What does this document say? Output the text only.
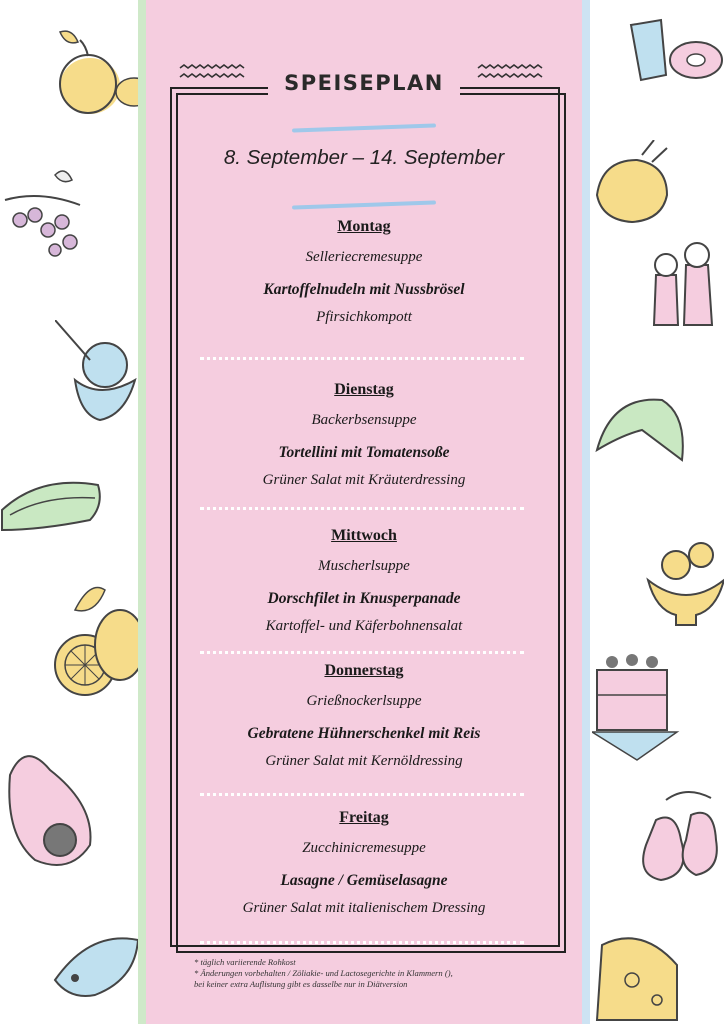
SPEISEPLAN
8. September – 14. September
Montag
Selleriecremesuppe
Kartoffelnudeln mit Nussbrösel
Pfirsichkompott
Dienstag
Backerbsensuppe
Tortellini mit Tomatensoße
Grüner Salat mit Kräuterdressing
Mittwoch
Muscherlsuppe
Dorschfilet in Knusperpanade
Kartoffel- und Käferbohnensalat
Donnerstag
Grießnockerlsuppe
Gebratene Hühnerschenkel mit Reis
Grüner Salat mit Kernöldressing
Freitag
Zucchinicremesuppe
Lasagne / Gemüselasagne
Grüner Salat mit italienischem Dressing
* täglich variierende Rohkost
* Änderungen vorbehalten / Zöliakie- und Lactosegerichte in Klammern (),
bei keiner extra Auflistung gibt es dasselbe nur in Diätversion
